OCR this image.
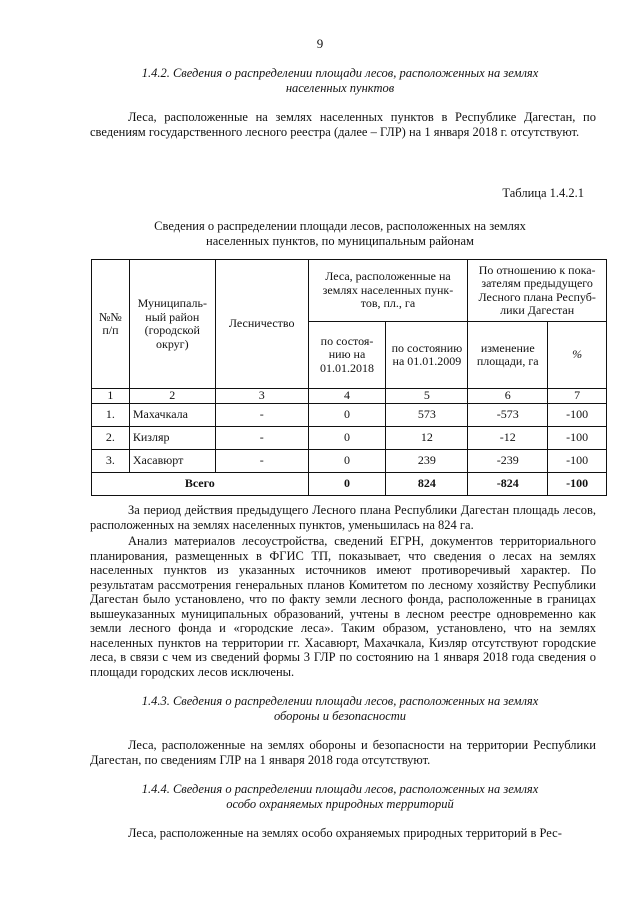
9
1.4.2. Сведения о распределении площади лесов, расположенных на землях
населенных пунктов
Леса, расположенные на землях населенных пунктов в Республике Дагестан, по сведениям государственного лесного реестра (далее – ГЛР) на 1 января 2018 г. отсутствуют.
Таблица 1.4.2.1
Сведения о распределении площади лесов, расположенных на землях
населенных пунктов, по муниципальным районам
№№ п/п	Муниципаль- ный район (городской округ)	Лесничество	Леса, расположенные на землях населенных пунк- тов, пл., га		По отношению к пока- зателям предыдущего Лесного плана Респуб- лики Дагестан	
			по состоя- нию на 01.01.2018	по состоянию на 01.01.2009	изменение площади, га	%
1	2	3	4	5	6	7
1.	Махачкала	-	0	573	-573	-100
2.	Кизляр	-	0	12	-12	-100
3.	Хасавюрт	-	0	239	-239	-100
Всего			0	824	-824	-100
За период действия предыдущего Лесного плана Республики Дагестан площадь лесов, расположенных на землях населенных пунктов, уменьшилась на 824 га.
Анализ материалов лесоустройства, сведений ЕГРН, документов территориального планирования, размещенных в ФГИС ТП, показывает, что сведения о лесах на землях населенных пунктов из указанных источников имеют противоречивый характер. По результатам рассмотрения генеральных планов Комитетом по лесному хозяйству Республики Дагестан было установлено, что по факту земли лесного фонда, расположенные в границах вышеуказанных муниципальных образований, учтены в лесном реестре одновременно как земли лесного фонда и «городские леса». Таким образом, установлено, что на землях населенных пунктов на территории гг. Хасавюрт, Махачкала, Кизляр отсутствуют городские леса, в связи с чем из сведений формы 3 ГЛР по состоянию на 1 января 2018 года сведения о площади городских лесов исключены.
1.4.3. Сведения о распределении площади лесов, расположенных на землях
обороны и безопасности
Леса, расположенные на землях обороны и безопасности на территории Республики Дагестан, по сведениям ГЛР на 1 января 2018 года отсутствуют.
1.4.4. Сведения о распределении площади лесов, расположенных на землях
особо охраняемых природных территорий
Леса, расположенные на землях особо охраняемых природных территорий в Рес-
